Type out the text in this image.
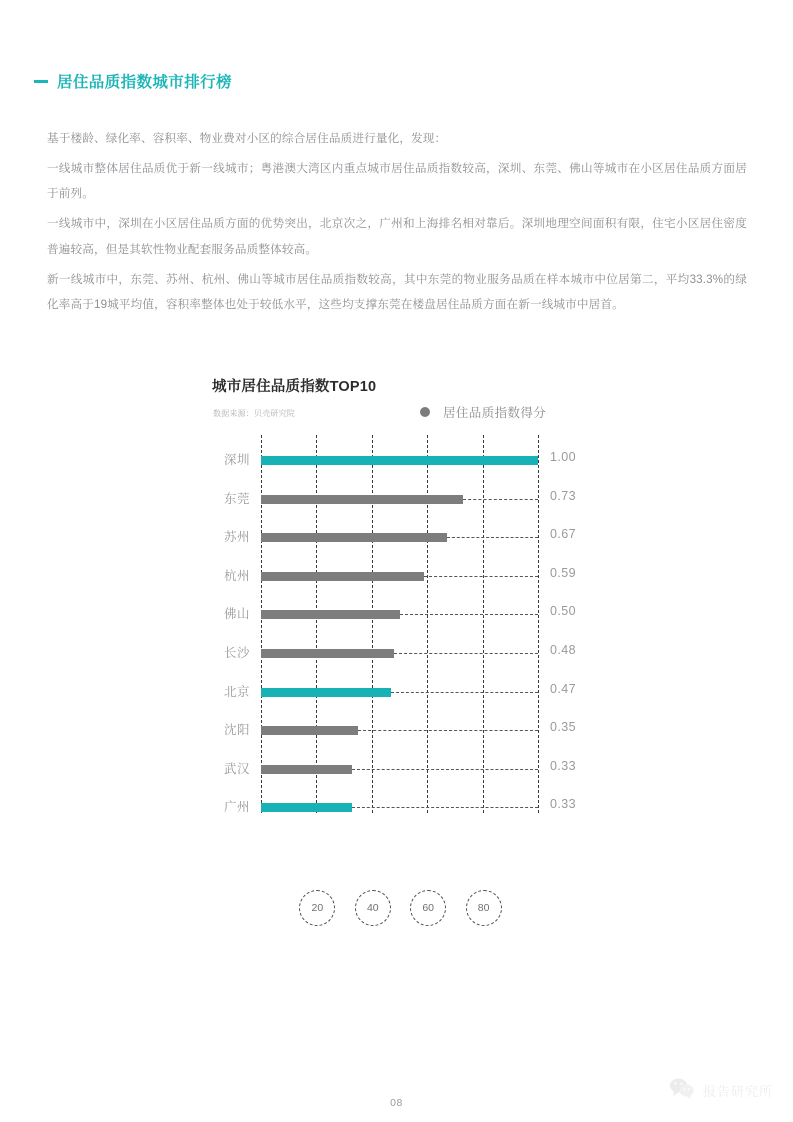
居住品质指数城市排行榜

基于楼龄、绿化率、容积率、物业费对小区的综合居住品质进行量化，发现：

一线城市整体居住品质优于新一线城市；粤港澳大湾区内重点城市居住品质指数较高，深圳、东莞、佛山等城市在小区居住品质方面居于前列。

一线城市中，深圳在小区居住品质方面的优势突出，北京次之，广州和上海排名相对靠后。深圳地理空间面积有限，住宅小区居住密度普遍较高，但是其软性物业配套服务品质整体较高。

新一线城市中，东莞、苏州、杭州、佛山等城市居住品质指数较高，其中东莞的物业服务品质在样本城市中位居第二，平均33.3%的绿化率高于19城平均值，容积率整体也处于较低水平，这些均支撑东莞在楼盘居住品质方面在新一线城市中居首。

城市居住品质指数TOP10
数据来源：贝壳研究院	居住品质指数得分
深圳	1.00
东莞	0.73
苏州	0.67
杭州	0.59
佛山	0.50
长沙	0.48
北京	0.47
沈阳	0.35
武汉	0.33
广州	0.33
20	40	60	80
08
报告研究所
